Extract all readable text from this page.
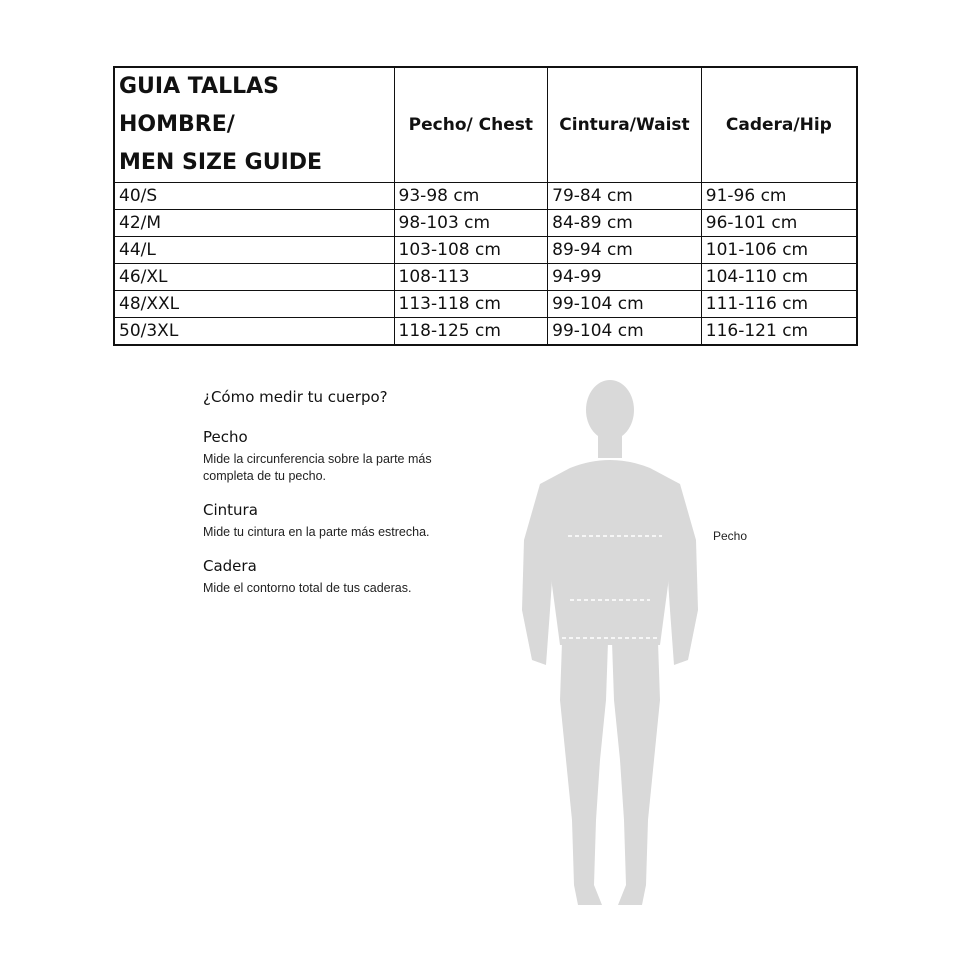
GUIA TALLAS HOMBRE/
MEN SIZE GUIDE	Pecho/ Chest	Cintura/Waist	Cadera/Hip
40/S	93-98 cm	79-84 cm	91-96 cm
42/M	98-103 cm	84-89 cm	96-101 cm
44/L	103-108 cm	89-94 cm	101-106 cm
46/XL	108-113	94-99	104-110 cm
48/XXL	113-118 cm	99-104 cm	111-116 cm
50/3XL	118-125 cm	99-104 cm	116-121 cm
¿Cómo medir tu cuerpo?
Pecho

Mide la circunferencia sobre la parte más
completa de tu pecho.

Cintura

Mide tu cintura en la parte más estrecha.

Cadera

Mide el contorno total de tus caderas.

Pecho
